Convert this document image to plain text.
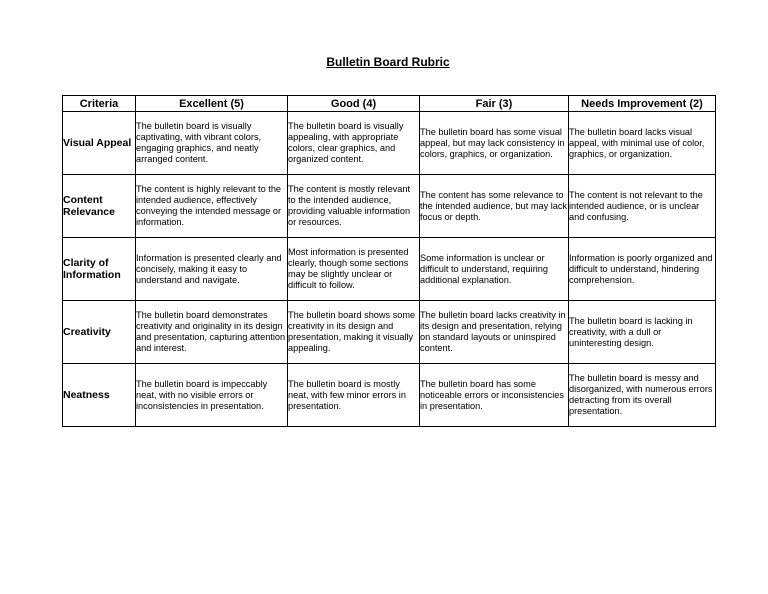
Bulletin Board Rubric
Criteria	Excellent (5)	Good (4)	Fair (3)	Needs Improvement (2)
Visual Appeal	The bulletin board is visually captivating, with vibrant colors, engaging graphics, and neatly arranged content.	The bulletin board is visually appealing, with appropriate colors, clear graphics, and organized content.	The bulletin board has some visual appeal, but may lack consistency in colors, graphics, or organization.	The bulletin board lacks visual appeal, with minimal use of color, graphics, or organization.
Content Relevance	The content is highly relevant to the intended audience, effectively conveying the intended message or information.	The content is mostly relevant to the intended audience, providing valuable information or resources.	The content has some relevance to the intended audience, but may lack focus or depth.	The content is not relevant to the intended audience, or is unclear and confusing.
Clarity of Information	Information is presented clearly and concisely, making it easy to understand and navigate.	Most information is presented clearly, though some sections may be slightly unclear or difficult to follow.	Some information is unclear or difficult to understand, requiring additional explanation.	Information is poorly organized and difficult to understand, hindering comprehension.
Creativity	The bulletin board demonstrates creativity and originality in its design and presentation, capturing attention and interest.	The bulletin board shows some creativity in its design and presentation, making it visually appealing.	The bulletin board lacks creativity in its design and presentation, relying on standard layouts or uninspired content.	The bulletin board is lacking in creativity, with a dull or uninteresting design.
Neatness	The bulletin board is impeccably neat, with no visible errors or inconsistencies in presentation.	The bulletin board is mostly neat, with few minor errors in presentation.	The bulletin board has some noticeable errors or inconsistencies in presentation.	The bulletin board is messy and disorganized, with numerous errors detracting from its overall presentation.
